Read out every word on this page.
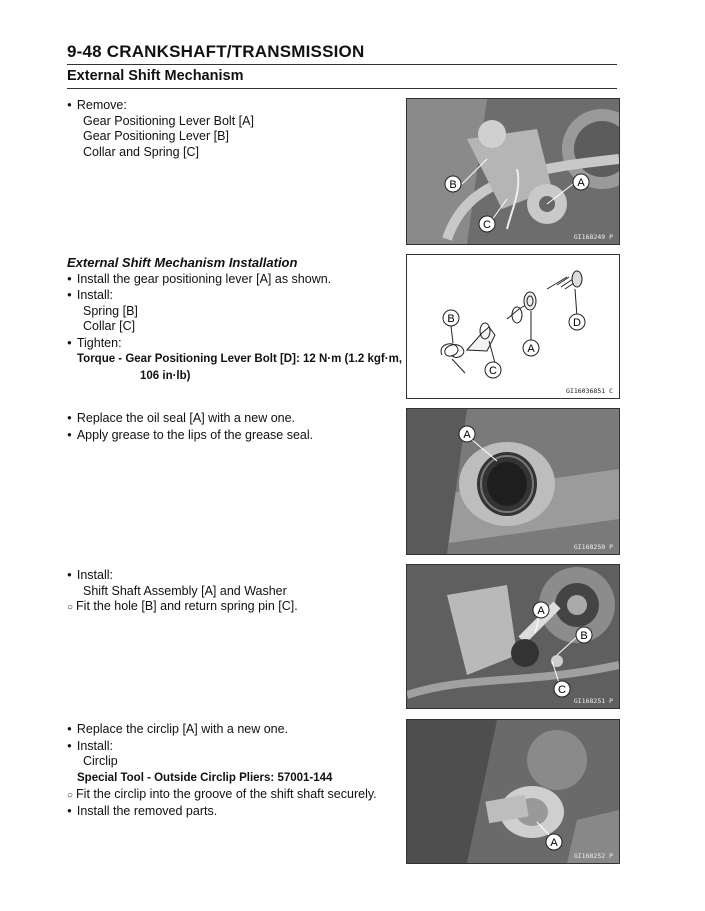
9-48 CRANKSHAFT/TRANSMISSION
External Shift Mechanism
● Remove:
Gear Positioning Lever Bolt [A]
Gear Positioning Lever [B]
Collar and Spring [C]
A
B
C
GI168249 P
External Shift Mechanism Installation
● Install the gear positioning lever [A] as shown.
● Install:
Spring [B]
Collar [C]
● Tighten:
Torque - Gear Positioning Lever Bolt [D]: 12 N·m (1.2 kgf·m,
106 in·lb)
A
B
C
D
GI16036851 C
● Replace the oil seal [A] with a new one.
● Apply grease to the lips of the grease seal.	A
GI168250 P
● Install:
Shift Shaft Assembly [A] and Washer
○ Fit the hole [B] and return spring pin [C].	A
B
C
GI168251 P
● Replace the circlip [A] with a new one.
● Install:
Circlip
Special Tool - Outside Circlip Pliers: 57001-144
○ Fit the circlip into the groove of the shift shaft securely.
● Install the removed parts.
A
GI168252 P
